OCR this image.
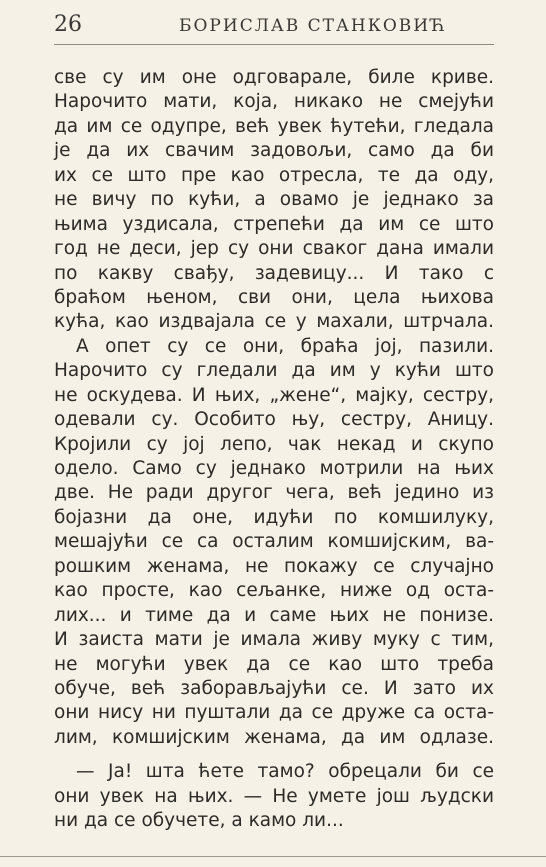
26	БОРИСЛАВ СТАНКОВИЋ
све су им оне одговарале, биле криве.
Нарочито мати, која, никако не смејући
да им се одупре, већ увек ћутећи, гледала
је да их свачим задовољи, само да би
их се што пре као отресла, те да оду,
не вичу по кући, а овамо је једнако за
њима уздисала, стрепећи да им се што
год не деси, јер су они сваког дана имали
по какву свађу, задевицу... И тако с
браћом њеном, сви они, цела њихова
кућа, као издвајала се у махали, штрчала.
А опет су се они, браћа јој, пазили.
Нарочито су гледали да им у кући што
не оскудева. И њих, „жене“, мајку, сестру,
одевали су. Особито њу, сестру, Аницу.
Кројили су јој лепо, чак некад и скупо
одело. Само су једнако мотрили на њих
две. Не ради другог чега, већ једино из
бојазни да оне, идући по комшилуку,
мешајући се са осталим комшијским, ва-
рошким женама, не покажу се случајно
као просте, као сељанке, ниже од оста-
лих... и тиме да и саме њих не понизе.
И заиста мати је имала живу муку с тим,
не могући увек да се као што треба
обуче, већ заборављајући се. И зато их
они нису ни пуштали да се друже са оста-
лим, комшијским женама, да им одлазе.
— Ја! шта ћете тамо? обрецали би се
они увек на њих. — Не умете још људски
ни да се обучете, а камо ли...
